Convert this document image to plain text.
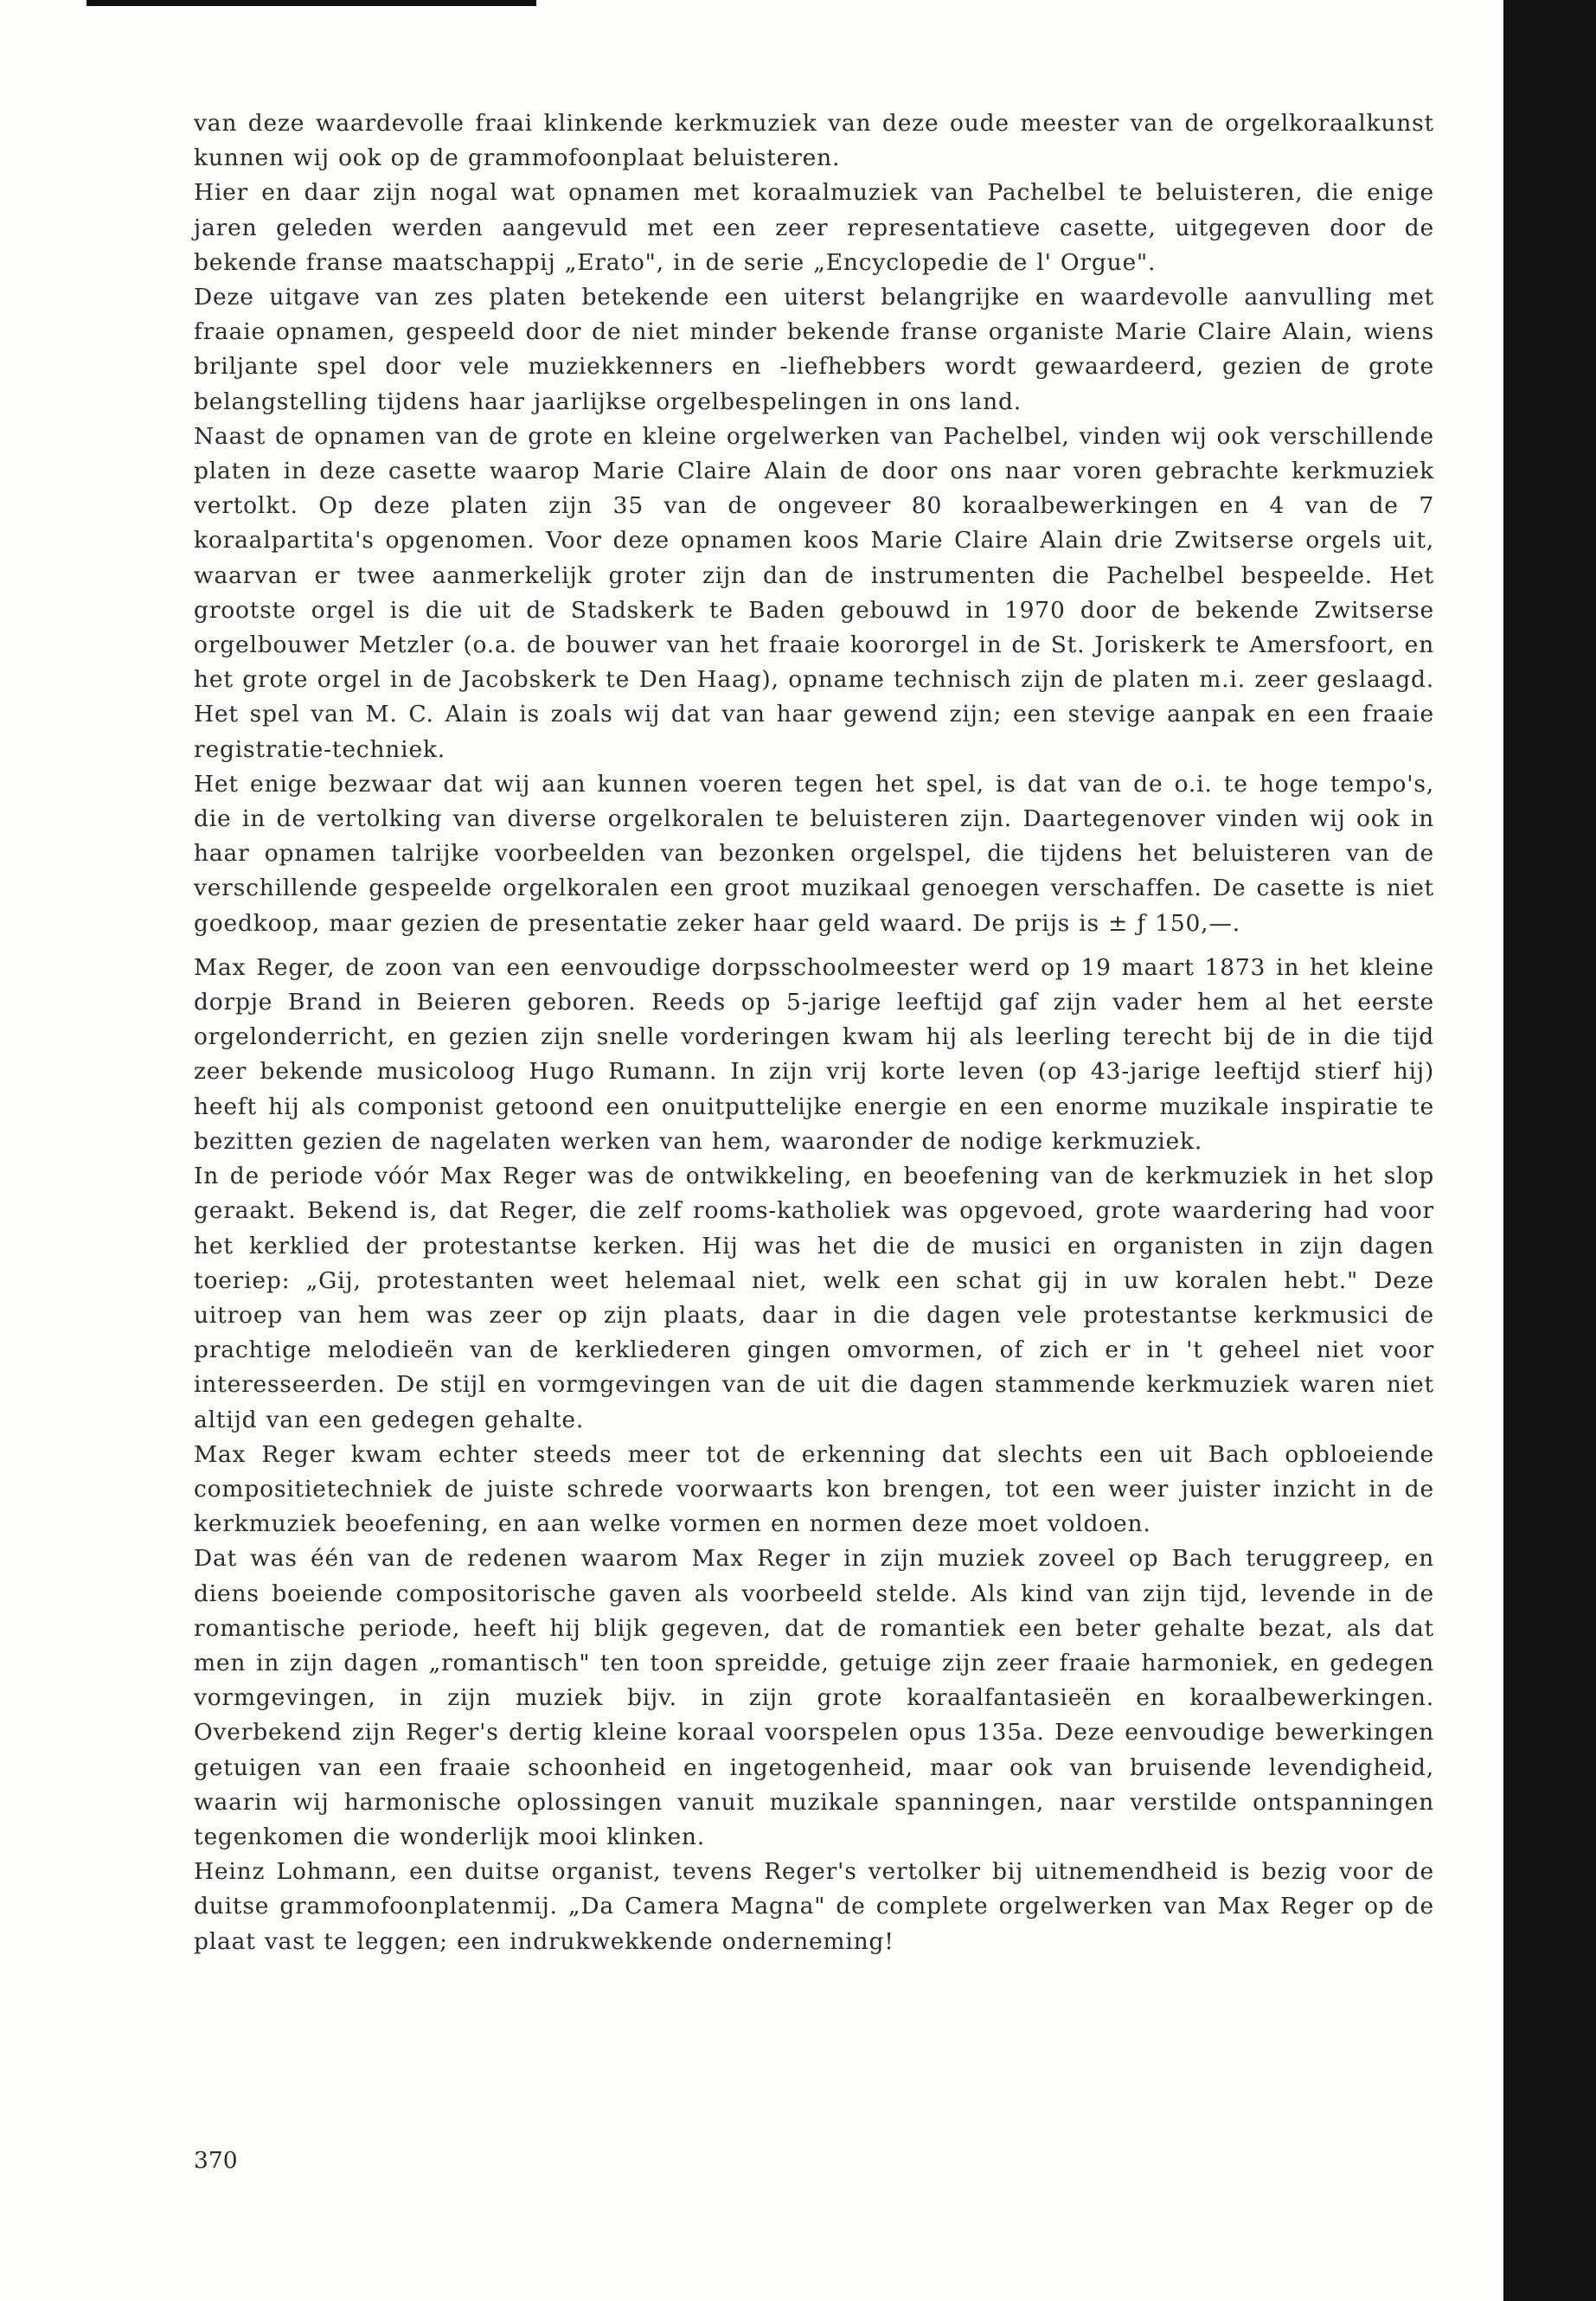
van deze waardevolle fraai klinkende kerkmuziek van deze oude meester van de orgelkoraalkunst kunnen wij ook op de grammofoonplaat beluisteren.

Hier en daar zijn nogal wat opnamen met koraalmuziek van Pachelbel te beluisteren, die enige jaren geleden werden aangevuld met een zeer representatieve casette, uitgegeven door de bekende franse maatschappij „Erato", in de serie „Encyclopedie de l' Orgue".

Deze uitgave van zes platen betekende een uiterst belangrijke en waardevolle aanvulling met fraaie opnamen, gespeeld door de niet minder bekende franse organiste Marie Claire Alain, wiens briljante spel door vele muziekkenners en -liefhebbers wordt gewaardeerd, gezien de grote belangstelling tijdens haar jaarlijkse orgelbespelingen in ons land.

Naast de opnamen van de grote en kleine orgelwerken van Pachelbel, vinden wij ook verschillende platen in deze casette waarop Marie Claire Alain de door ons naar voren gebrachte kerkmuziek vertolkt. Op deze platen zijn 35 van de ongeveer 80 koraalbewerkingen en 4 van de 7 koraalpartita's opgenomen. Voor deze opnamen koos Marie Claire Alain drie Zwitserse orgels uit, waarvan er twee aanmerkelijk groter zijn dan de instrumenten die Pachelbel bespeelde. Het grootste orgel is die uit de Stadskerk te Baden gebouwd in 1970 door de bekende Zwitserse orgelbouwer Metzler (o.a. de bouwer van het fraaie koororgel in de St. Joriskerk te Amersfoort, en het grote orgel in de Jacobskerk te Den Haag), opname technisch zijn de platen m.i. zeer geslaagd. Het spel van M. C. Alain is zoals wij dat van haar gewend zijn; een stevige aanpak en een fraaie registratie-techniek.

Het enige bezwaar dat wij aan kunnen voeren tegen het spel, is dat van de o.i. te hoge tempo's, die in de vertolking van diverse orgelkoralen te beluisteren zijn. Daartegenover vinden wij ook in haar opnamen talrijke voorbeelden van bezonken orgelspel, die tijdens het beluisteren van de verschillende gespeelde orgelkoralen een groot muzikaal genoegen verschaffen. De casette is niet goedkoop, maar gezien de presentatie zeker haar geld waard. De prijs is ± ƒ 150,—.

Max Reger, de zoon van een eenvoudige dorpsschoolmeester werd op 19 maart 1873 in het kleine dorpje Brand in Beieren geboren. Reeds op 5-jarige leeftijd gaf zijn vader hem al het eerste orgelonderricht, en gezien zijn snelle vorderingen kwam hij als leerling terecht bij de in die tijd zeer bekende musicoloog Hugo Rumann. In zijn vrij korte leven (op 43-jarige leeftijd stierf hij) heeft hij als componist getoond een onuitputtelijke energie en een enorme muzikale inspiratie te bezitten gezien de nagelaten werken van hem, waaronder de nodige kerkmuziek.

In de periode vóór Max Reger was de ontwikkeling, en beoefening van de kerkmuziek in het slop geraakt. Bekend is, dat Reger, die zelf rooms-katholiek was opgevoed, grote waardering had voor het kerklied der protestantse kerken. Hij was het die de musici en organisten in zijn dagen toeriep: „Gij, protestanten weet helemaal niet, welk een schat gij in uw koralen hebt." Deze uitroep van hem was zeer op zijn plaats, daar in die dagen vele protestantse kerkmusici de prachtige melodieën van de kerkliederen gingen omvormen, of zich er in 't geheel niet voor interesseerden. De stijl en vormgevingen van de uit die dagen stammende kerkmuziek waren niet altijd van een gedegen gehalte.

Max Reger kwam echter steeds meer tot de erkenning dat slechts een uit Bach opbloeiende compositietechniek de juiste schrede voorwaarts kon brengen, tot een weer juister inzicht in de kerkmuziek beoefening, en aan welke vormen en normen deze moet voldoen.

Dat was één van de redenen waarom Max Reger in zijn muziek zoveel op Bach teruggreep, en diens boeiende compositorische gaven als voorbeeld stelde. Als kind van zijn tijd, levende in de romantische periode, heeft hij blijk gegeven, dat de romantiek een beter gehalte bezat, als dat men in zijn dagen „romantisch" ten toon spreidde, getuige zijn zeer fraaie harmoniek, en gedegen vormgevingen, in zijn muziek bijv. in zijn grote koraalfantasieën en koraalbewerkingen. Overbekend zijn Reger's dertig kleine koraal voorspelen opus 135a. Deze eenvoudige bewerkingen getuigen van een fraaie schoonheid en ingetogenheid, maar ook van bruisende levendigheid, waarin wij harmonische oplossingen vanuit muzikale spanningen, naar verstilde ontspanningen tegenkomen die wonderlijk mooi klinken.

Heinz Lohmann, een duitse organist, tevens Reger's vertolker bij uitnemendheid is bezig voor de duitse grammofoonplatenmij. „Da Camera Magna" de complete orgelwerken van Max Reger op de plaat vast te leggen; een indrukwekkende onderneming!

370
